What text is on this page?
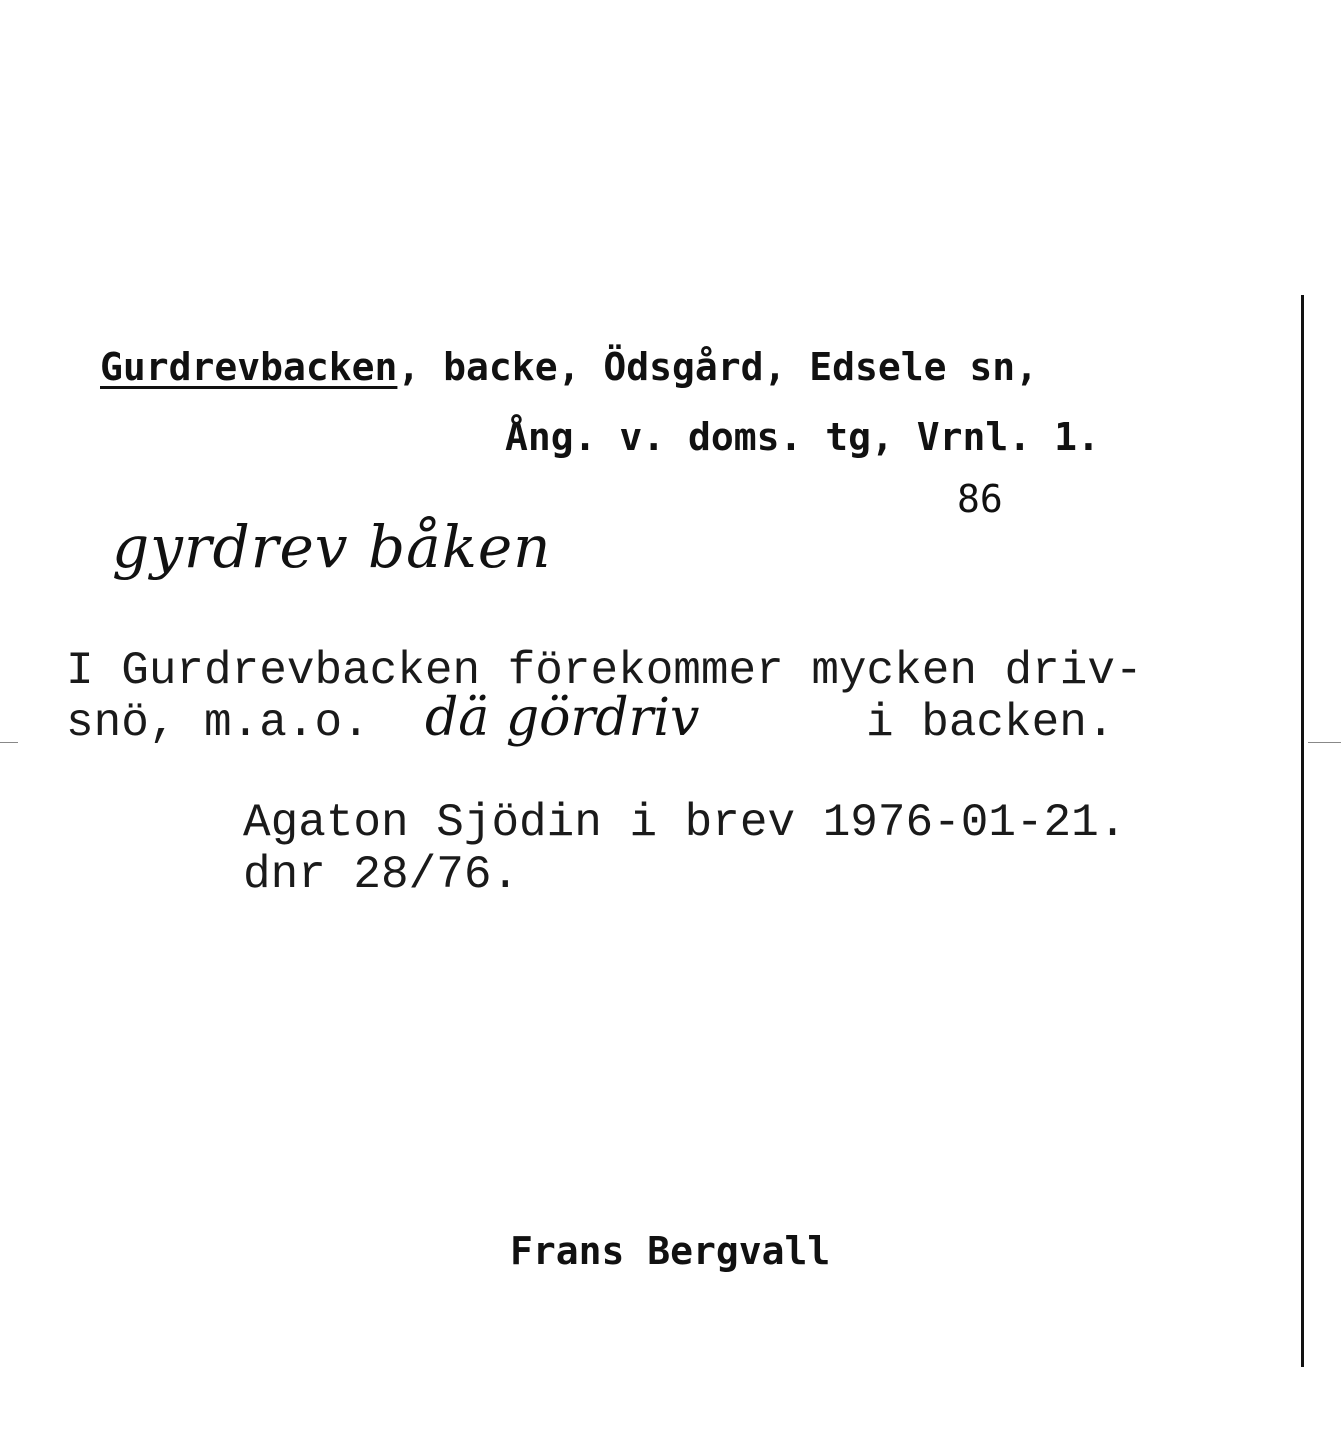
Gurdrevbacken, backe, Ödsgård, Edsele sn,
Ång. v. doms. tg, Vrnl. 1.
86
gyrdrev båken
I Gurdrevbacken förekommer mycken driv-
snö, m.a.o. dä gördriv	i backen.
Agaton Sjödin i brev 1976-01-21.
dnr 28/76.
Frans Bergvall
